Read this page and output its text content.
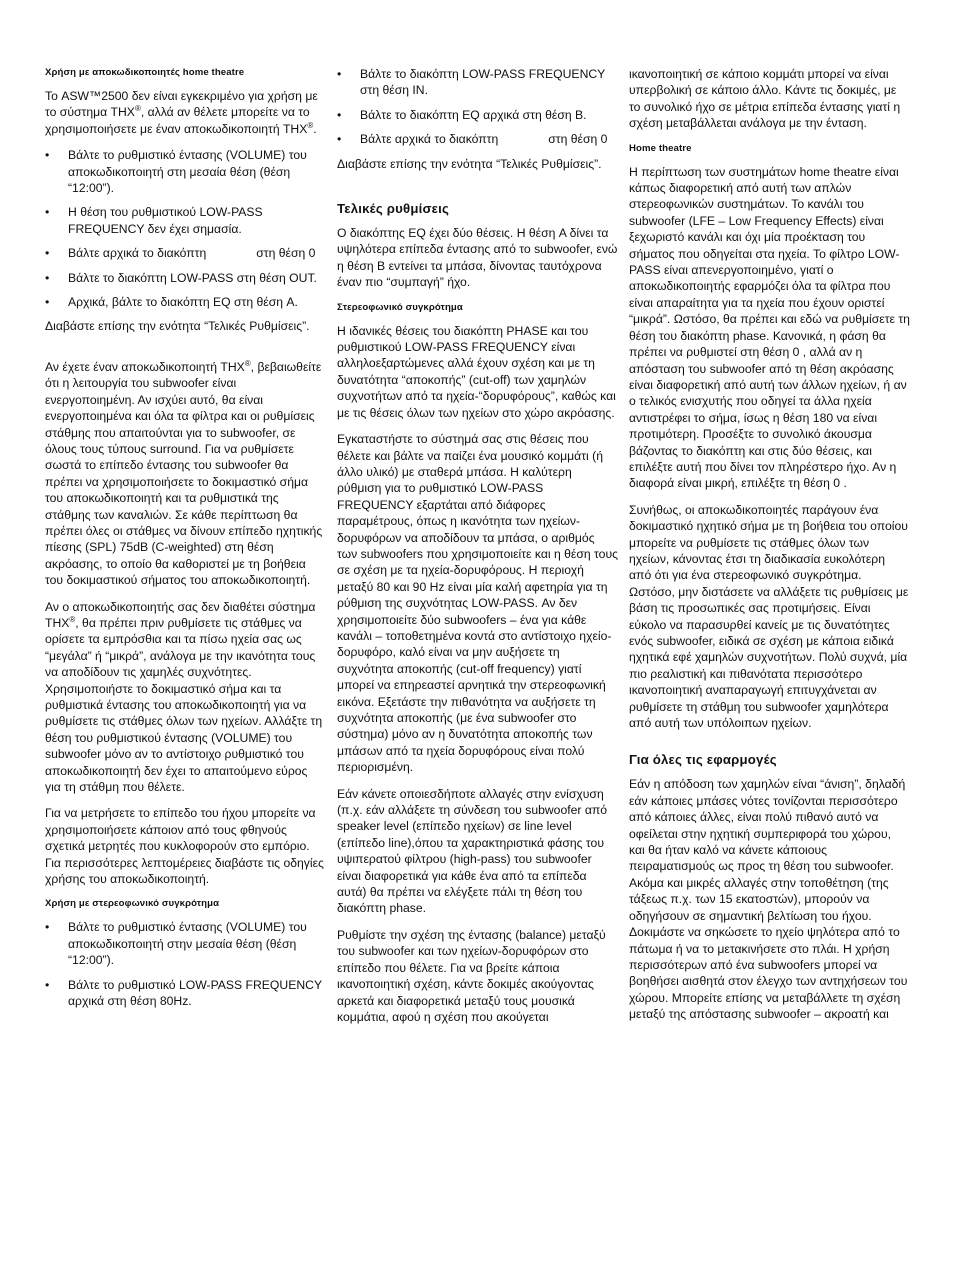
Χρήση με αποκωδικοποιητές home theatre

Το ASW™2500 δεν είναι εγκεκριμένο για χρήση με το σύστημα THX®, αλλά αν θέλετε μπορείτε να το χρησιμοποιήσετε με έναν αποκωδικοποιητή THX®.

• Βάλτε το ρυθμιστικό έντασης (VOLUME) του αποκωδικοποιητή στη μεσαία θέση (θέση “12:00”).
• Η θέση του ρυθμιστικού LOW-PASS FREQUENCY δεν έχει σημασία.
• Βάλτε αρχικά το διακόπτη	στη θέση 0
• Βάλτε το διακόπτη LOW-PASS στη θέση OUT.
• Αρχικά, βάλτε το διακόπτη EQ στη θέση A.

Διαβάστε επίσης την ενότητα “Τελικές Ρυθμίσεις”.

Αν έχετε έναν αποκωδικοποιητή THX®, βεβαιωθείτε ότι η λειτουργία του subwoofer είναι ενεργοποιημένη. Αν ισχύει αυτό, θα είναι ενεργοποιημένα και όλα τα φίλτρα και οι ρυθμίσεις στάθμης που απαιτούνται για το subwoofer, σε όλους τους τύπους surround. Για να ρυθμίσετε σωστά το επίπεδο έντασης του subwoofer θα πρέπει να χρησιμοποιήσετε το δοκιμαστικό σήμα του αποκωδικοποιητή και τα ρυθμιστικά της στάθμης των καναλιών. Σε κάθε περίπτωση θα πρέπει όλες οι στάθμες να δίνουν επίπεδο ηχητικής πίεσης (SPL) 75dB (C-weighted) στη θέση ακρόασης, το οποίο θα καθοριστεί με τη βοήθεια του δοκιμαστικού σήματος του αποκωδικοποιητή.

Αν ο αποκωδικοποιητής σας δεν διαθέτει σύστημα THX®, θα πρέπει πριν ρυθμίσετε τις στάθμες να ορίσετε τα εμπρόσθια και τα πίσω ηχεία σας ως “μεγάλα” ή “μικρά”, ανάλογα με την ικανότητα τους να αποδίδουν τις χαμηλές συχνότητες. Χρησιμοποιήστε το δοκιμαστικό σήμα και τα ρυθμιστικά έντασης του αποκωδικοποιητή για να ρυθμίσετε τις στάθμες όλων των ηχείων. Αλλάξτε τη θέση του ρυθμιστικού έντασης (VOLUME) του subwoofer μόνο αν το αντίστοιχο ρυθμιστικό του αποκωδικοποιητή δεν έχει το απαιτούμενο εύρος για τη στάθμη που θέλετε.

Για να μετρήσετε το επίπεδο του ήχου μπορείτε να χρησιμοποιήσετε κάποιον από τους φθηνούς σχετικά μετρητές που κυκλοφορούν στο εμπόριο. Για περισσότερες λεπτομέρειες διαβάστε τις οδηγίες χρήσης του αποκωδικοποιητή.

Χρήση με στερεοφωνικό συγκρότημα
• Βάλτε το ρυθμιστικό έντασης (VOLUME) του αποκωδικοποιητή στην μεσαία θέση (θέση “12:00”).
• Βάλτε το ρυθμιστικό LOW-PASS FREQUENCY αρχικά στη θέση 80Hz.
• Βάλτε το διακόπτη LOW-PASS FREQUENCY στη θέση IN.
• Βάλτε το διακόπτη EQ αρχικά στη θέση B.
• Βάλτε αρχικά το διακόπτη	στη θέση 0

Διαβάστε επίσης την ενότητα “Τελικές Ρυθμίσεις”.

Τελικές ρυθμίσεις

Ο διακόπτης EQ έχει δύο θέσεις. Η θέση A δίνει τα υψηλότερα επίπεδα έντασης από το subwoofer, ενώ η θέση B εντείνει τα μπάσα, δίνοντας ταυτόχρονα έναν πιο “συμπαγή” ήχο.

Στερεοφωνικό συγκρότημα

Η ιδανικές θέσεις του διακόπτη PHASE και του ρυθμιστικού LOW-PASS FREQUENCY είναι αλληλοεξαρτώμενες αλλά έχουν σχέση και με τη δυνατότητα “αποκοπής” (cut-off) των χαμηλών συχνοτήτων από τα ηχεία-“δορυφόρους”, καθώς και με τις θέσεις όλων των ηχείων στο χώρο ακρόασης.

Εγκαταστήστε το σύστημά σας στις θέσεις που θέλετε και βάλτε να παίζει ένα μουσικό κομμάτι (ή άλλο υλικό) με σταθερά μπάσα. Η καλύτερη ρύθμιση για το ρυθμιστικό LOW-PASS FREQUENCY εξαρτάται από διάφορες παραμέτρους, όπως η ικανότητα των ηχείων-δορυφόρων να αποδίδουν τα μπάσα, ο αριθμός των subwoofers που χρησιμοποιείτε και η θέση τους σε σχέση με τα ηχεία-δορυφόρους. Η περιοχή μεταξύ 80 και 90 Hz είναι μία καλή αφετηρία για τη ρύθμιση της συχνότητας LOW-PASS. Αν δεν χρησιμοποιείτε δύο subwoofers – ένα για κάθε κανάλι – τοποθετημένα κοντά στο αντίστοιχο ηχείο-δορυφόρο, καλό είναι να μην αυξήσετε τη συχνότητα αποκοπής (cut-off frequency) γιατί μπορεί να επηρεαστεί αρνητικά την στερεοφωνική εικόνα. Εξετάστε την πιθανότητα να αυξήσετε τη συχνότητα αποκοπής (με ένα subwoofer στο σύστημα) μόνο αν η δυνατότητα αποκοπής των μπάσων από τα ηχεία δορυφόρους είναι πολύ περιορισμένη.

Εάν κάνετε οποιεσδήποτε αλλαγές στην ενίσχυση (π.χ. εάν αλλάξετε τη σύνδεση του subwoofer από speaker level (επίπεδο ηχείων) σε line level (επίπεδο line),όπου τα χαρακτηριστικά φάσης του υψιπερατού φίλτρου (high-pass) του subwoofer είναι διαφορετικά για κάθε ένα από τα επίπεδα αυτά) θα πρέπει να ελέγξετε πάλι τη θέση του διακόπτη phase.

Ρυθμίστε την σχέση της έντασης (balance) μεταξύ του subwoofer και των ηχείων-δορυφόρων στο επίπεδο που θέλετε. Για να βρείτε κάποια ικανοποιητική σχέση, κάντε δοκιμές ακούγοντας αρκετά και διαφορετικά μεταξύ τους μουσικά κομμάτια, αφού η σχέση που ακούγεται

ικανοποιητική σε κάποιο κομμάτι μπορεί να είναι υπερβολική σε κάποιο άλλο. Κάντε τις δοκιμές, με το συνολικό ήχο σε μέτρια επίπεδα έντασης γιατί η σχέση μεταβάλλεται ανάλογα με την ένταση.

Home theatre

Η περίπτωση των συστημάτων home theatre είναι κάπως διαφορετική από αυτή των απλών στερεοφωνικών συστημάτων. Το κανάλι του subwoofer (LFE – Low Frequency Effects) είναι ξεχωριστό κανάλι και όχι μία προέκταση του σήματος που οδηγείται στα ηχεία. Το φίλτρο LOW-PASS είναι απενεργοποιημένο, γιατί ο αποκωδικοποιητής εφαρμόζει όλα τα φίλτρα που είναι απαραίτητα για τα ηχεία που έχουν οριστεί “μικρά”. Ωστόσο, θα πρέπει και εδώ να ρυθμίσετε τη θέση του διακόπτη phase. Κανονικά, η φάση θα πρέπει να ρυθμιστεί στη θέση 0 , αλλά αν η απόσταση του subwoofer από τη θέση ακρόασης είναι διαφορετική από αυτή των άλλων ηχείων, ή αν ο τελικός ενισχυτής που οδηγεί τα άλλα ηχεία αντιστρέφει το σήμα, ίσως η θέση 180 να είναι προτιμότερη. Προσέξτε το συνολικό άκουσμα βάζοντας το διακόπτη και στις δύο θέσεις, και επιλέξτε αυτή που δίνει τον πληρέστερο ήχο. Αν η διαφορά είναι μικρή, επιλέξτε τη θέση 0 .

Συνήθως, οι αποκωδικοποιητές παράγουν ένα δοκιμαστικό ηχητικό σήμα με τη βοήθεια του οποίου μπορείτε να ρυθμίσετε τις στάθμες όλων των ηχείων, κάνοντας έτσι τη διαδικασία ευκολότερη από ότι για ένα στερεοφωνικό συγκρότημα. Ωστόσο, μην διστάσετε να αλλάξετε τις ρυθμίσεις με βάση τις προσωπικές σας προτιμήσεις. Είναι εύκολο να παρασυρθεί κανείς με τις δυνατότητες ενός subwoofer, ειδικά σε σχέση με κάποια ειδικά ηχητικά εφέ χαμηλών συχνοτήτων. Πολύ συχνά, μία πιο ρεαλιστική και πιθανότατα περισσότερο ικανοποιητική αναπαραγωγή επιτυγχάνεται αν ρυθμίσετε τη στάθμη του subwoofer χαμηλότερα από αυτή των υπόλοιπων ηχείων.

Για όλες τις εφαρμογές

Εάν η απόδοση των χαμηλών είναι “άνιση”, δηλαδή εάν κάποιες μπάσες νότες τονίζονται περισσότερο από κάποιες άλλες, είναι πολύ πιθανό αυτό να οφείλεται στην ηχητική συμπεριφορά του χώρου, και θα ήταν καλό να κάνετε κάποιους πειραματισμούς ως προς τη θέση του subwoofer. Ακόμα και μικρές αλλαγές στην τοποθέτηση (της τάξεως π.χ. των 15 εκατοστών), μπορούν να οδηγήσουν σε σημαντική βελτίωση του ήχου. Δοκιμάστε να σηκώσετε το ηχείο ψηλότερα από το πάτωμα ή να το μετακινήσετε στο πλάι. Η χρήση περισσότερων από ένα subwoofers μπορεί να βοηθήσει αισθητά στον έλεγχο των αντηχήσεων του χώρου. Μπορείτε επίσης να μεταβάλλετε τη σχέση μεταξύ της απόστασης subwoofer – ακροατή και
